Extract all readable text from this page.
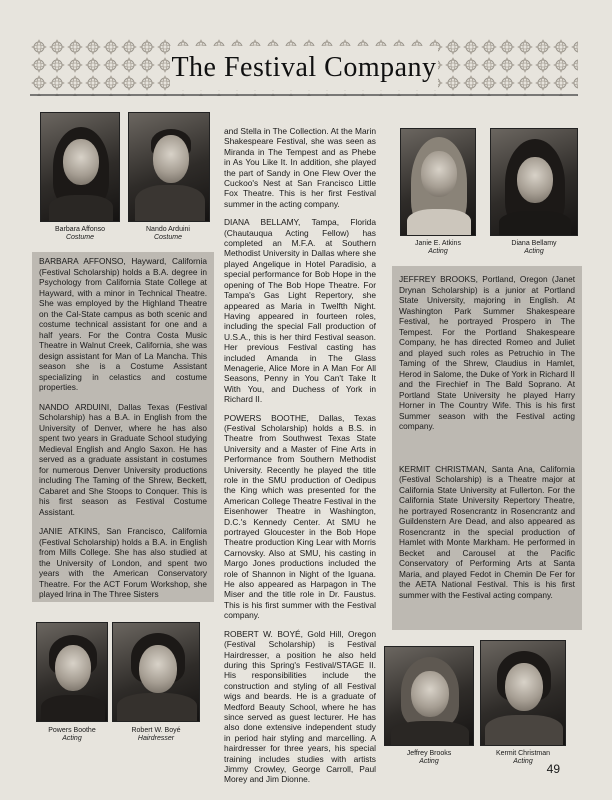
The Festival Company
Barbara Affonso
Costume
Nando Arduini
Costume

BARBARA AFFONSO, Hayward, California (Festival Scholarship) holds a B.A. degree in Psychology from California State College at Hayward, with a minor in Technical Theatre. She was employed by the Highland Theatre on the Cal-State campus as both scenic and costume technical assistant for one and a half years. For the Contra Costa Music Theatre in Walnut Creek, California, she was design assistant for Man of La Mancha. This season she is a Costume Assistant specializing in celastics and costume properties.

NANDO ARDUINI, Dallas Texas (Festival Scholarship) has a B.A. in English from the University of Denver, where he has also spent two years in Graduate School studying Medieval English and Anglo Saxon. He has served as a graduate assistant in costumes for numerous Denver University productions including The Taming of the Shrew, Beckett, Cabaret and She Stoops to Conquer. This is his first season as Festival Costume Assistant.

JANIE ATKINS, San Francisco, California (Festival Scholarship) holds a B.A. in English from Mills College. She has also studied at the University of London, and spent two years with the American Conservatory Theatre. For the ACT Forum Workshop, she played Irina in The Three Sisters

Powers Boothe
Acting
Robert W. Boyé
Hairdresser

and Stella in The Collection. At the Marin Shakespeare Festival, she was seen as Miranda in The Tempest and as Phebe in As You Like It. In addition, she played the part of Sandy in One Flew Over the Cuckoo's Nest at San Francisco Little Fox Theatre. This is her first Festival summer in the acting company.

DIANA BELLAMY, Tampa, Florida (Chautauqua Acting Fellow) has completed an M.F.A. at Southern Methodist University in Dallas where she played Angelique in Hotel Paradisio, a special performance for Bob Hope in the opening of The Bob Hope Theatre. For Tampa's Gas Light Repertory, she appeared as Maria in Twelfth Night. Having appeared in fourteen roles, including the special Fall production of U.S.A., this is her third Festival season. Her previous Festival casting has included Amanda in The Glass Menagerie, Alice More in A Man For All Seasons, Penny in You Can't Take It With You, and Duchess of York in Richard II.

POWERS BOOTHE, Dallas, Texas (Festival Scholarship) holds a B.S. in Theatre from Southwest Texas State University and a Master of Fine Arts in Performance from Southern Methodist University. Recently he played the title role in the SMU production of Oedipus the King which was presented for the American College Theatre Festival in the Eisenhower Theatre in Washington, D.C.'s Kennedy Center. At SMU he portrayed Gloucester in the Bob Hope Theatre production King Lear with Morris Carnovsky. Also at SMU, his casting in Margo Jones productions included the role of Shannon in Night of the Iguana. He also appeared as Harpagon in The Miser and the title role in Dr. Faustus. This is his first summer with the Festival company.

ROBERT W. BOYÉ, Gold Hill, Oregon (Festival Scholarship) is Festival Hairdresser, a position he also held during this Spring's Festival/STAGE II. His responsibilities include the construction and styling of all Festival wigs and beards. He is a graduate of Medford Beauty School, where he has since served as guest lecturer. He has also done extensive independent study in period hair styling and marcelling. A hairdresser for three years, his special training includes studies with artists Jimmy Crowley, George Carroll, Paul Morey and Jim Dionne.

Janie E. Atkins
Acting
Diana Bellamy
Acting

JEFFREY BROOKS, Portland, Oregon (Janet Drynan Scholarship) is a junior at Portland State University, majoring in English. At Washington Park Summer Shakespeare Festival, he portrayed Prospero in The Tempest. For the Portland Shakespeare Company, he has directed Romeo and Juliet and played such roles as Petruchio in The Taming of the Shrew, Claudius in Hamlet, Herod in Salome, the Duke of York in Richard II and the Firechief in The Bald Soprano. At Portland State University he played Harry Horner in The Country Wife. This is his first Summer season with the Festival acting company.

KERMIT CHRISTMAN, Santa Ana, California (Festival Scholarship) is a Theatre major at California State University at Fullerton. For the California State University Repertory Theatre, he portrayed Rosencrantz in Rosencrantz and Guildenstern Are Dead, and also appeared as Rosencrantz in the special production of Hamlet with Monte Markham. He performed in Becket and Carousel at the Pacific Conservatory of Performing Arts at Santa Maria, and played Fedot in Chemin De Fer for the AETA National Festival. This is his first summer with the Festival acting company.

Jeffrey Brooks
Acting
Kermit Christman
Acting
49
